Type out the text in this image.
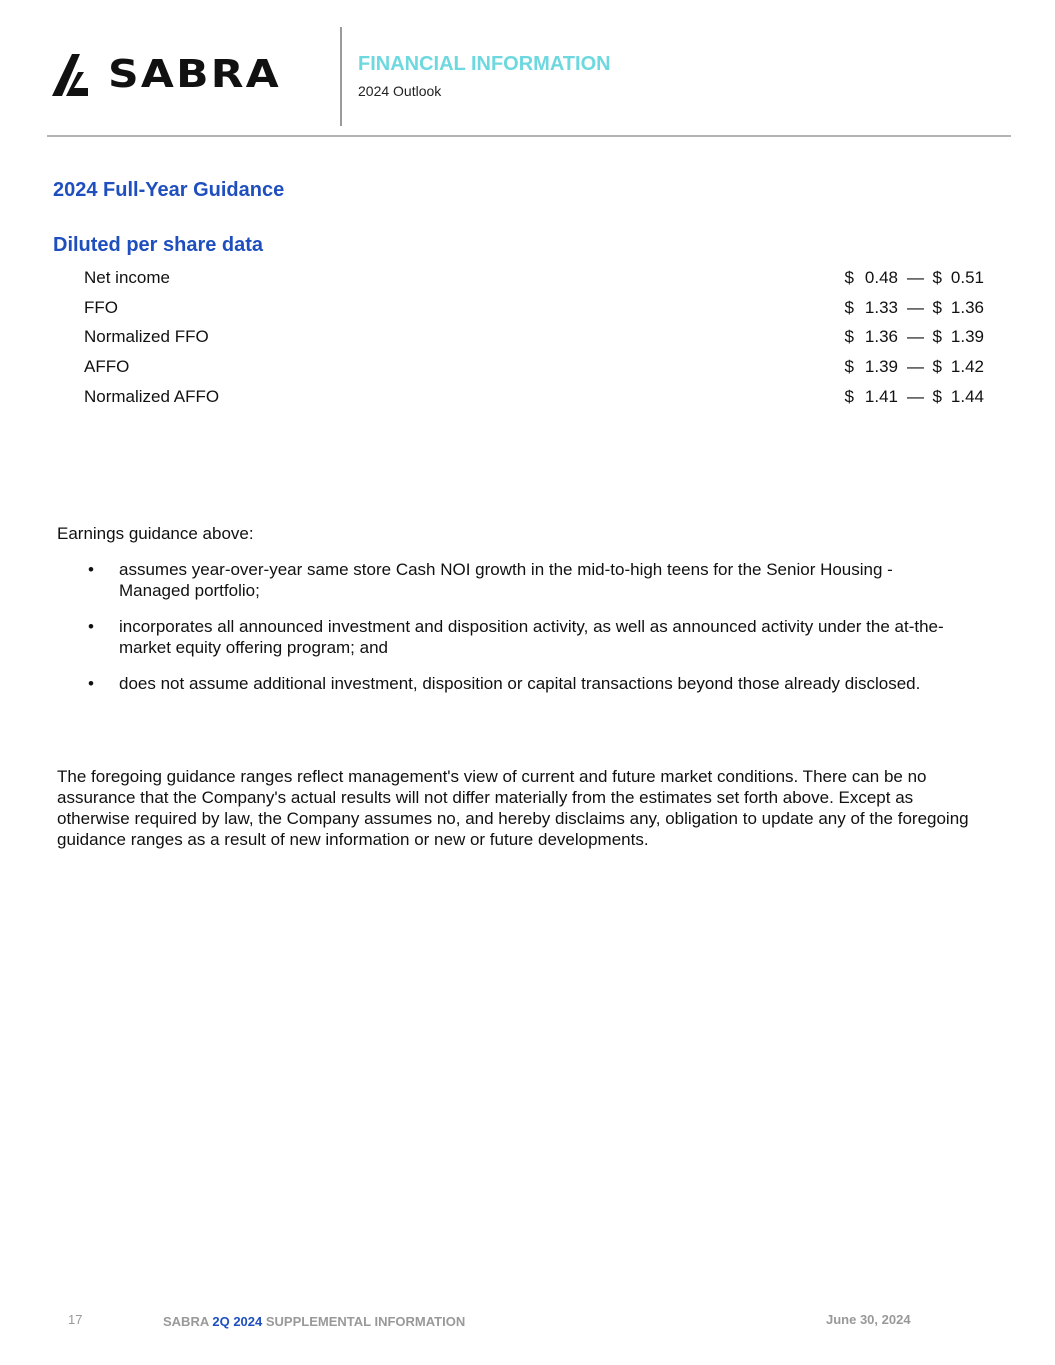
SABRA	FINANCIAL INFORMATION
2024 Outlook
2024 Full-Year Guidance
Diluted per share data
Net income	$ 0.48 — $ 0.51
FFO	$ 1.33 — $ 1.36
Normalized FFO	$ 1.36 — $ 1.39
AFFO	$ 1.39 — $ 1.42
Normalized AFFO	$ 1.41 — $ 1.44

Earnings guidance above:

• assumes year-over-year same store Cash NOI growth in the mid-to-high teens for the Senior Housing - Managed portfolio;
• incorporates all announced investment and disposition activity, as well as announced activity under the at-the-market equity offering program; and
• does not assume additional investment, disposition or capital transactions beyond those already disclosed.

The foregoing guidance ranges reflect management's view of current and future market conditions. There can be no assurance that the Company's actual results will not differ materially from the estimates set forth above. Except as otherwise required by law, the Company assumes no, and hereby disclaims any, obligation to update any of the foregoing guidance ranges as a result of new information or new or future developments.

17	SABRA 2Q 2024 SUPPLEMENTAL INFORMATION	June 30, 2024
